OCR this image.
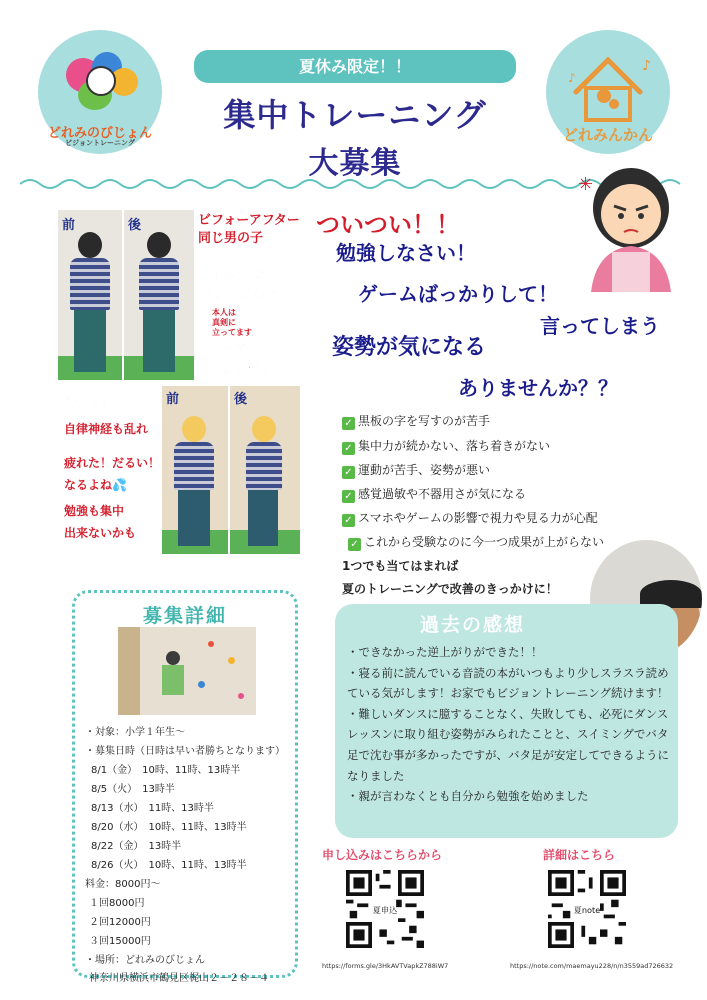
どれみのびじょん
ビジョントレーニング
夏休み限定！！
集中トレーニング
大募集
♪
♪
どれみんかん
前	後	ビフォーアフター
同じ男の子
右肩はかなり
傾いてました
本人は
真剣に
立ってます
まっすぐも
難しい様子
これでは
自律神経も乱れ
疲れた！だるい！
なるよね💦
勉強も集中
出来ないかも
前	後
ついつい！！
勉強しなさい！
ゲームばっかりして！
言ってしまう
姿勢が気になる
ありませんか？？
✳
✓ 黒板の字を写すのが苦手
✓ 集中力が続かない、落ち着きがない
✓ 運動が苦手、姿勢が悪い
✓ 感覚過敏や不器用さが気になる
✓ スマホやゲームの影響で視力や見る力が心配
✓ これから受験なのに今一つ成果が上がらない
1つでも当てはまれば
夏のトレーニングで改善のきっかけに！
募集詳細
・対象：小学１年生～
・募集日時（日時は早い者勝ちとなります）
8/1（金）　10時、11時、13時半
8/5（火）　13時半
8/13（水）　11時、13時半
8/20（水）　10時、11時、13時半
8/22（金）　13時半
8/26（火）　10時、11時、13時半
料金：8000円～
１回8000円
２回12000円
３回15000円
・場所：どれみのびじょん
神奈川県横浜市鶴見区梶山２－２８－４
過去の感想
・できなかった逆上がりができた！！
・寝る前に読んでいる音読の本がいつもより少しスラスラ読めている気がします！お家でもビジョントレーニング続けます！
・難しいダンスに臆することなく、失敗しても、必死にダンスレッスンに取り組む姿勢がみられたことと、スイミングでバタ足で沈む事が多かったですが、バタ足が安定してできるようになりました
・親が言わなくとも自分から勉強を始めました
申し込みはこちらから
夏申込
https://forms.gle/3HkAVTVapkZ788iW7
詳細はこちら
夏note
https://note.com/maemayu228/n/n3559ad726632
